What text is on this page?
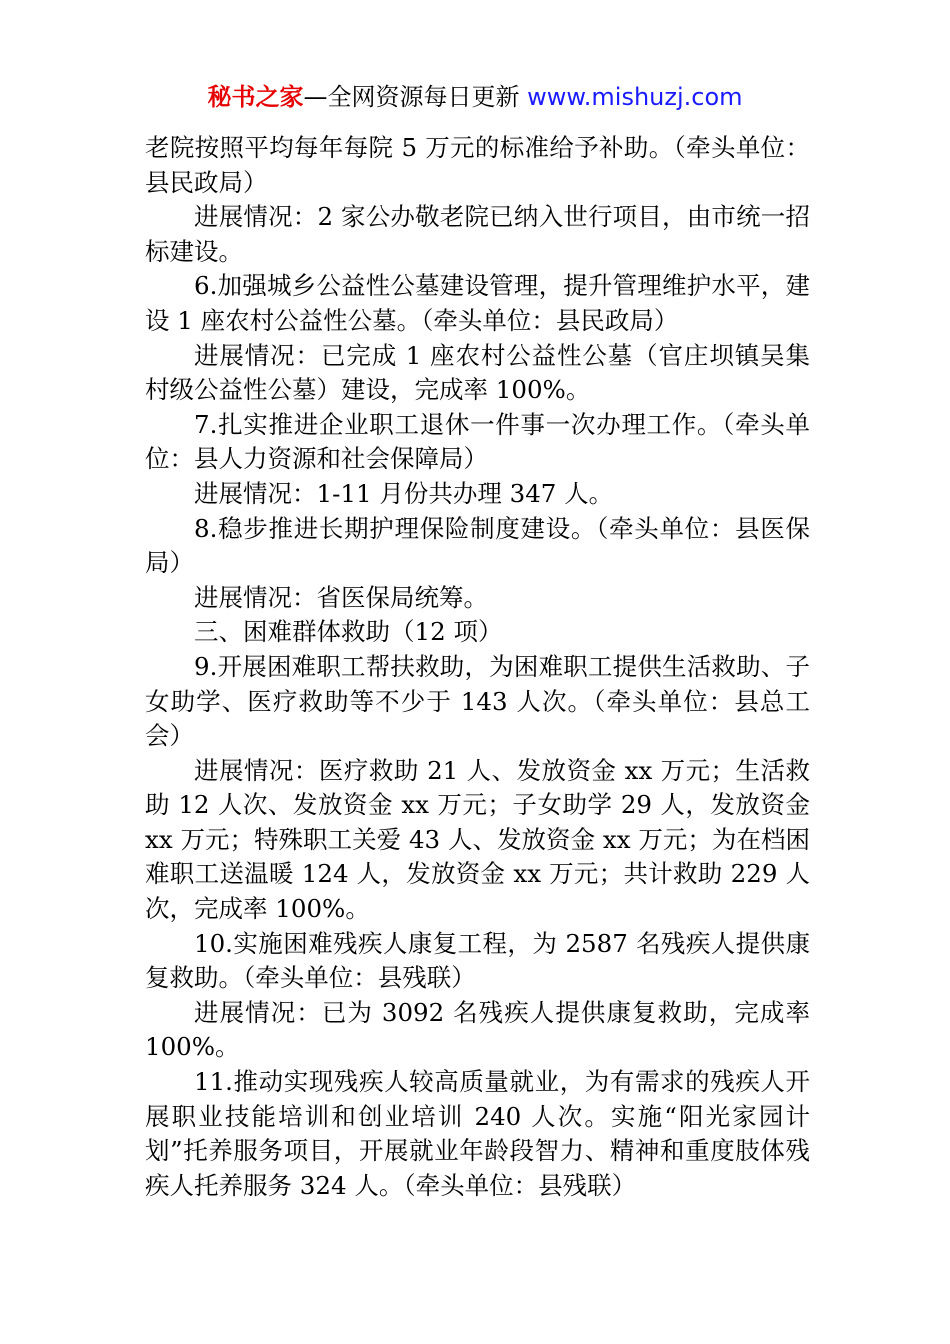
秘书之家—全网资源每日更新 www.mishuzj.com

老院按照平均每年每院 5 万元的标准给予补助。（牵头单位：县民政局）

进展情况：2 家公办敬老院已纳入世行项目，由市统一招标建设。

6.加强城乡公益性公墓建设管理，提升管理维护水平，建设 1 座农村公益性公墓。（牵头单位：县民政局）

进展情况：已完成 1 座农村公益性公墓（官庄坝镇吴集村级公益性公墓）建设，完成率 100%。

7.扎实推进企业职工退休一件事一次办理工作。（牵头单位：县人力资源和社会保障局）

进展情况：1-11 月份共办理 347 人。

8.稳步推进长期护理保险制度建设。（牵头单位：县医保局）

进展情况：省医保局统筹。

三、困难群体救助（12 项）

9.开展困难职工帮扶救助，为困难职工提供生活救助、子女助学、医疗救助等不少于 143 人次。（牵头单位：县总工会）

进展情况：医疗救助 21 人、发放资金 xx 万元；生活救助 12 人次、发放资金 xx 万元；子女助学 29 人，发放资金 xx 万元；特殊职工关爱 43 人、发放资金 xx 万元；为在档困难职工送温暖 124 人，发放资金 xx 万元；共计救助 229 人次，完成率 100%。

10.实施困难残疾人康复工程，为 2587 名残疾人提供康复救助。（牵头单位：县残联）

进展情况：已为 3092 名残疾人提供康复救助，完成率 100%。

11.推动实现残疾人较高质量就业，为有需求的残疾人开展职业技能培训和创业培训 240 人次。实施“阳光家园计划”托养服务项目，开展就业年龄段智力、精神和重度肢体残疾人托养服务 324 人。（牵头单位：县残联）
